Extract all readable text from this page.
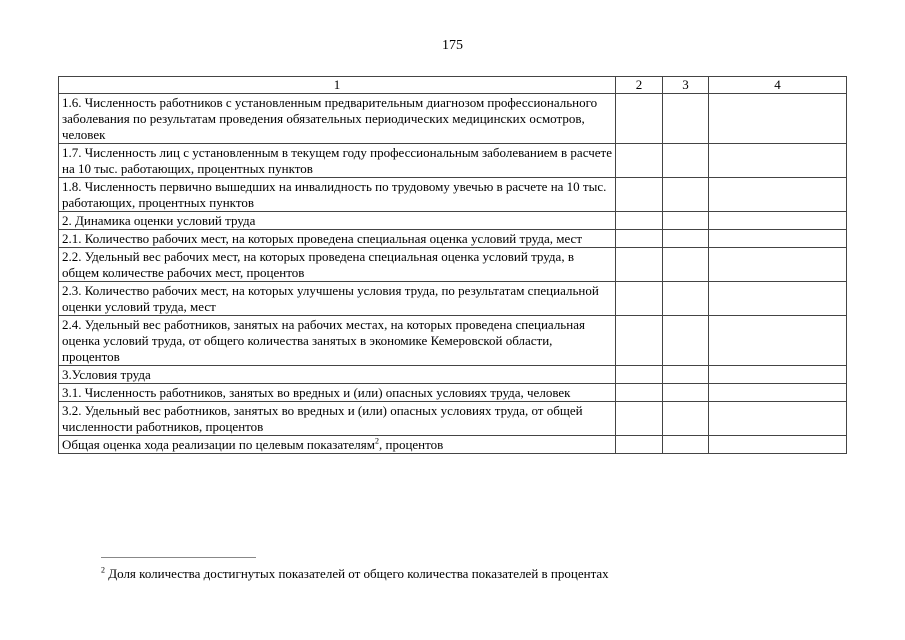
175
1	2	3	4
1.6. Численность работников с установленным предварительным диагнозом профессионального заболевания по результатам проведения обязательных периодических медицинских осмотров, человек			
1.7. Численность лиц с установленным в текущем году профессиональным заболеванием в расчете на 10 тыс. работающих, процентных пунктов			
1.8. Численность первично вышедших на инвалидность по трудовому увечью в расчете на 10 тыс. работающих, процентных пунктов			
2. Динамика оценки условий труда			
2.1. Количество рабочих мест, на которых проведена специальная оценка условий труда, мест			
2.2. Удельный вес рабочих мест, на которых проведена специальная оценка условий труда, в общем количестве рабочих мест, процентов			
2.3. Количество рабочих мест, на которых улучшены условия труда, по результатам специальной оценки условий труда, мест			
2.4. Удельный вес работников, занятых на рабочих местах, на которых проведена специальная оценка условий труда, от общего количества занятых в экономике Кемеровской области, процентов			
3.Условия труда			
3.1. Численность работников, занятых во вредных и (или) опасных условиях труда, человек			
3.2. Удельный вес работников, занятых во вредных и (или) опасных условиях труда, от общей численности работников, процентов			
Общая оценка хода реализации по целевым показателям$^2$, процентов			
$^2$ Доля количества достигнутых показателей от общего количества показателей в процентах
